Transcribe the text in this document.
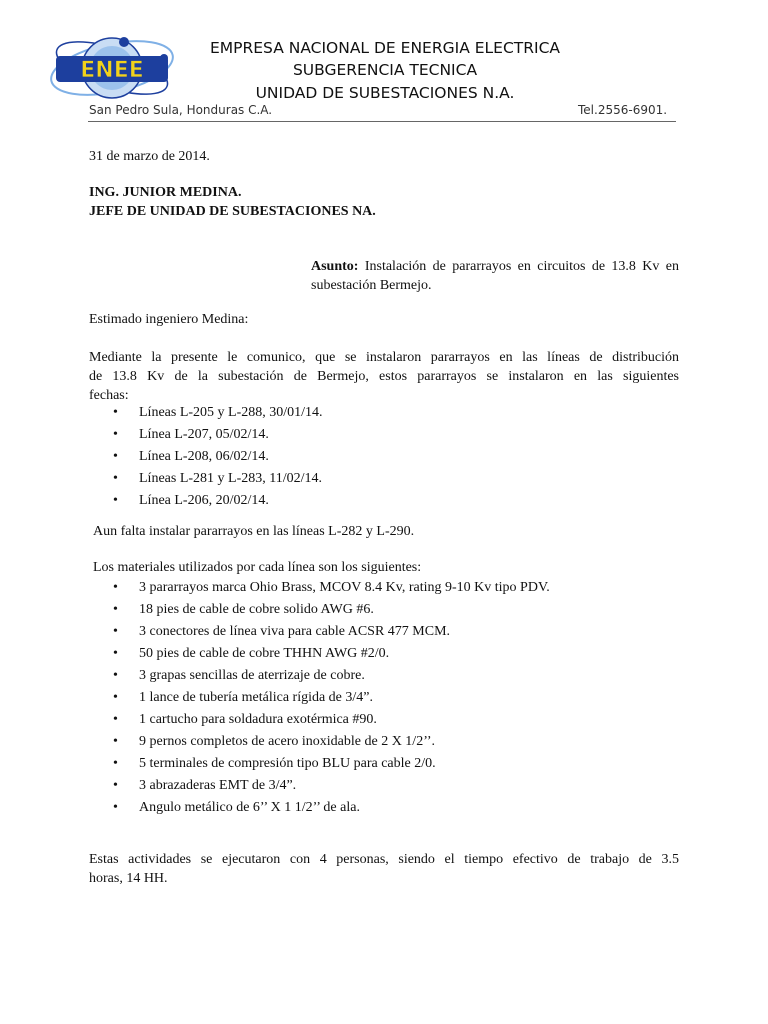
ENEE
EMPRESA NACIONAL DE ENERGIA ELECTRICA
SUBGERENCIA TECNICA
UNIDAD DE SUBESTACIONES N.A.
San Pedro Sula, Honduras C.A.	Tel.2556-6901.
31 de marzo de 2014.
ING. JUNIOR MEDINA.
JEFE DE UNIDAD DE SUBESTACIONES NA.
Asunto: Instalación de pararrayos en circuitos de 13.8 Kv en subestación Bermejo.
Estimado ingeniero Medina:
Mediante la presente le comunico, que se instalaron pararrayos en las líneas de distribución
de 13.8 Kv de la subestación de Bermejo, estos pararrayos se instalaron en las siguientes
fechas:
• Líneas L-205 y L-288, 30/01/14.
• Línea L-207, 05/02/14.
• Línea L-208, 06/02/14.
• Líneas L-281 y L-283, 11/02/14.
• Línea L-206, 20/02/14.
Aun falta instalar pararrayos en las líneas L-282 y L-290.
Los materiales utilizados por cada línea son los siguientes:
• 3 pararrayos marca Ohio Brass, MCOV 8.4 Kv, rating 9-10 Kv tipo PDV.
• 18 pies de cable de cobre solido AWG #6.
• 3 conectores de línea viva para cable ACSR 477 MCM.
• 50 pies de cable de cobre THHN AWG #2/0.
• 3 grapas sencillas de aterrizaje de cobre.
• 1 lance de tubería metálica rígida de 3/4”.
• 1 cartucho para soldadura exotérmica #90.
• 9 pernos completos de acero inoxidable de 2 X 1/2’’.
• 5 terminales de compresión tipo BLU para cable 2/0.
• 3 abrazaderas EMT de 3/4”.
• Angulo metálico de 6’’ X 1 1/2’’ de ala.
Estas actividades se ejecutaron con 4 personas, siendo el tiempo efectivo de trabajo de 3.5
horas, 14 HH.
